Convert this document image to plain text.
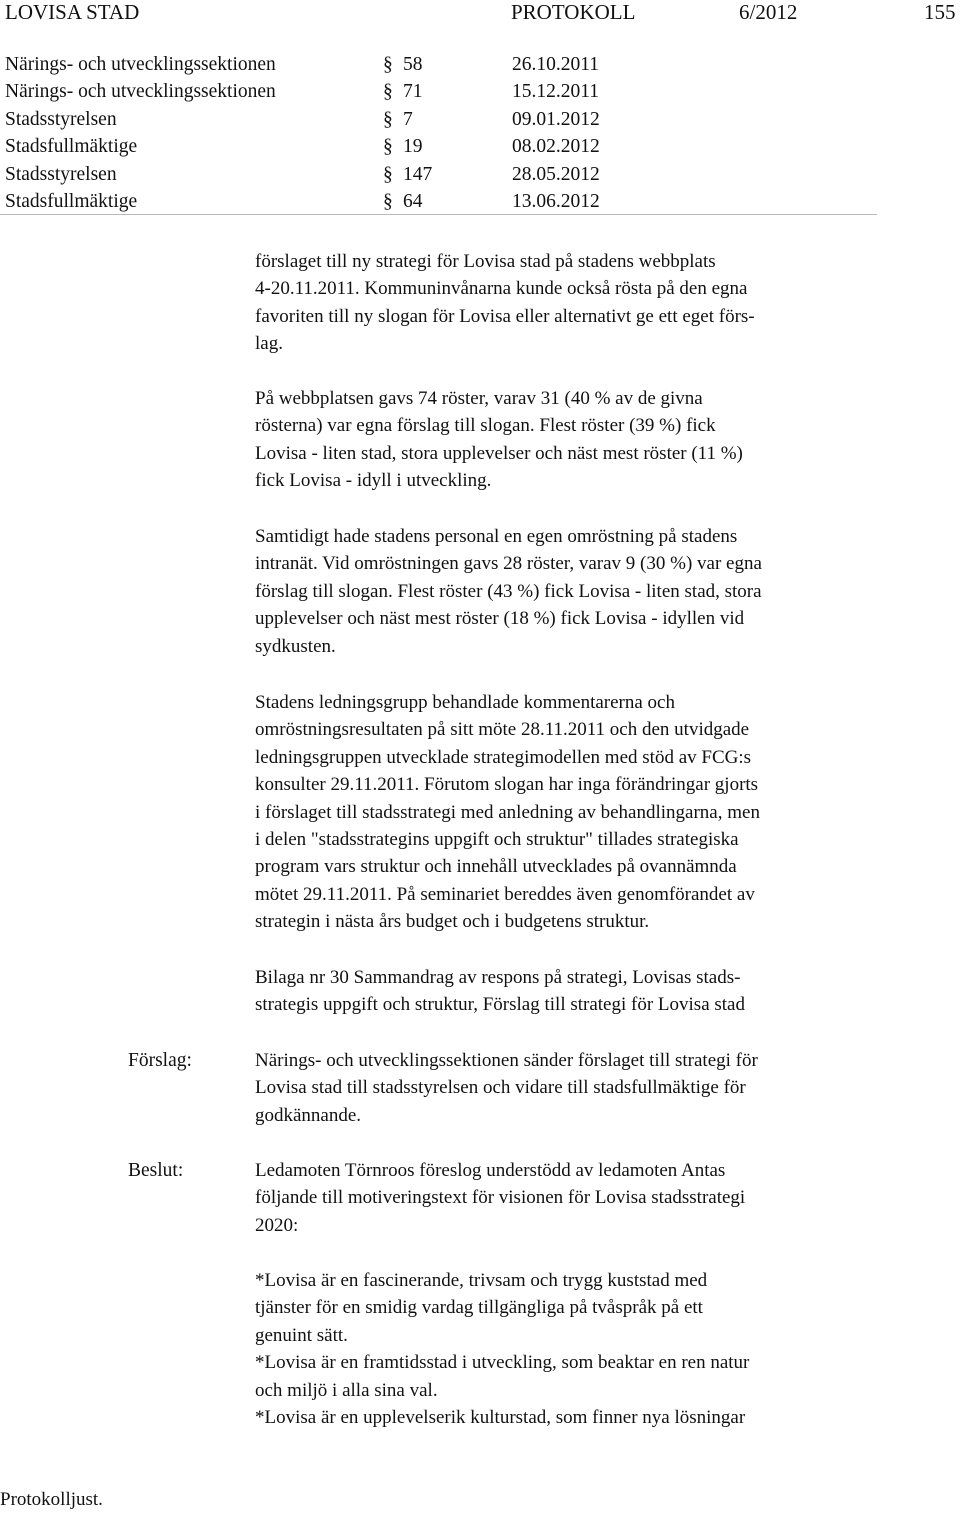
LOVISA STAD	PROTOKOLL	6/2012	155
Närings- och utvecklingssektionen	§ 58	26.10.2011
Närings- och utvecklingssektionen	§ 71	15.12.2011
Stadsstyrelsen	§ 7	09.01.2012
Stadsfullmäktige	§ 19	08.02.2012
Stadsstyrelsen	§ 147	28.05.2012
Stadsfullmäktige	§ 64	13.06.2012

förslaget till ny strategi för Lovisa stad på stadens webbplats
4-20.11.2011. Kommuninvånarna kunde också rösta på den egna
favoriten till ny slogan för Lovisa eller alternativt ge ett eget förs-
lag.

På webbplatsen gavs 74 röster, varav 31 (40 % av de givna
rösterna) var egna förslag till slogan. Flest röster (39 %) fick
Lovisa - liten stad, stora upplevelser och näst mest röster (11 %)
fick Lovisa - idyll i utveckling.

Samtidigt hade stadens personal en egen omröstning på stadens
intranät. Vid omröstningen gavs 28 röster, varav 9 (30 %) var egna
förslag till slogan. Flest röster (43 %) fick Lovisa - liten stad, stora
upplevelser och näst mest röster (18 %) fick Lovisa - idyllen vid
sydkusten.

Stadens ledningsgrupp behandlade kommentarerna och
omröstningsresultaten på sitt möte 28.11.2011 och den utvidgade
ledningsgruppen utvecklade strategimodellen med stöd av FCG:s
konsulter 29.11.2011. Förutom slogan har inga förändringar gjorts
i förslaget till stadsstrategi med anledning av behandlingarna, men
i delen "stadsstrategins uppgift och struktur" tillades strategiska
program vars struktur och innehåll utvecklades på ovannämnda
mötet 29.11.2011. På seminariet bereddes även genomförandet av
strategin i nästa års budget och i budgetens struktur.

Bilaga nr 30 Sammandrag av respons på strategi, Lovisas stads-
strategis uppgift och struktur, Förslag till strategi för Lovisa stad

Förslag:	Närings- och utvecklingssektionen sänder förslaget till strategi för
Lovisa stad till stadsstyrelsen och vidare till stadsfullmäktige för
godkännande.

Beslut:	Ledamoten Törnroos föreslog understödd av ledamoten Antas
följande till motiveringstext för visionen för Lovisa stadsstrategi
2020:

*Lovisa är en fascinerande, trivsam och trygg kuststad med
tjänster för en smidig vardag tillgängliga på tvåspråk på ett
genuint sätt.
*Lovisa är en framtidsstad i utveckling, som beaktar en ren natur
och miljö i alla sina val.
*Lovisa är en upplevelserik kulturstad, som finner nya lösningar

Protokolljust.
